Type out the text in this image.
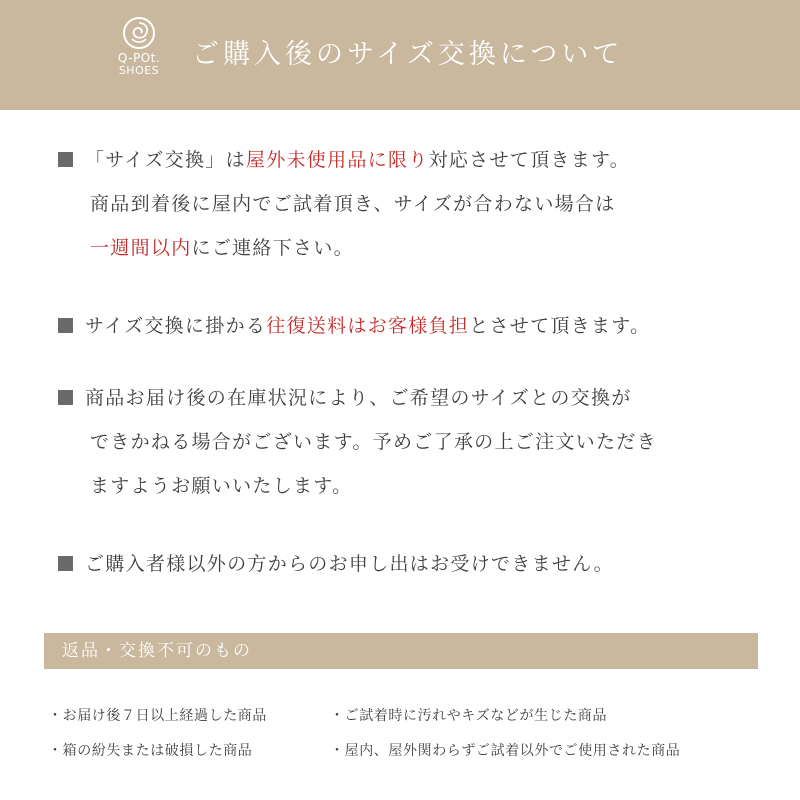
Q-POt.
SHOES
ご購入後のサイズ交換について
「サイズ交換」は屋外未使用品に限り対応させて頂きます。
商品到着後に屋内でご試着頂き、サイズが合わない場合は
一週間以内にご連絡下さい。
サイズ交換に掛かる往復送料はお客様負担とさせて頂きます。
商品お届け後の在庫状況により、ご希望のサイズとの交換が
できかねる場合がございます。予めご了承の上ご注文いただき
ますようお願いいたします。
ご購入者様以外の方からのお申し出はお受けできません。
返品・交換不可のもの
・お届け後７日以上経過した商品	・ご試着時に汚れやキズなどが生じた商品
・箱の紛失または破損した商品	・屋内、屋外関わらずご試着以外でご使用された商品
